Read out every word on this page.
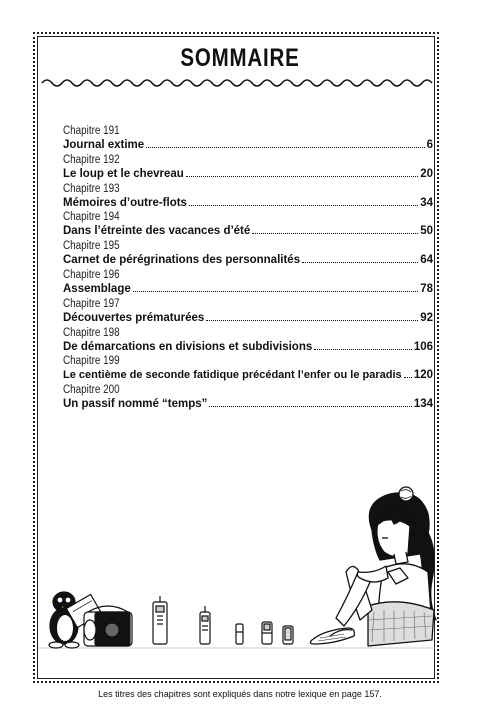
SOMMAIRE
Chapitre 191
Journal extime	6
Chapitre 192
Le loup et le chevreau	20
Chapitre 193
Mémoires d’outre-flots	34
Chapitre 194
Dans l’étreinte des vacances d’été	50
Chapitre 195
Carnet de pérégrinations des personnalités	64
Chapitre 196
Assemblage	78
Chapitre 197
Découvertes prématurées	92
Chapitre 198
De démarcations en divisions et subdivisions	106
Chapitre 199
Le centième de seconde fatidique précédant l’enfer ou le paradis 120
Chapitre 200
Un passif nommé “temps”	134
Les titres des chapitres sont expliqués dans notre lexique en page 157.
